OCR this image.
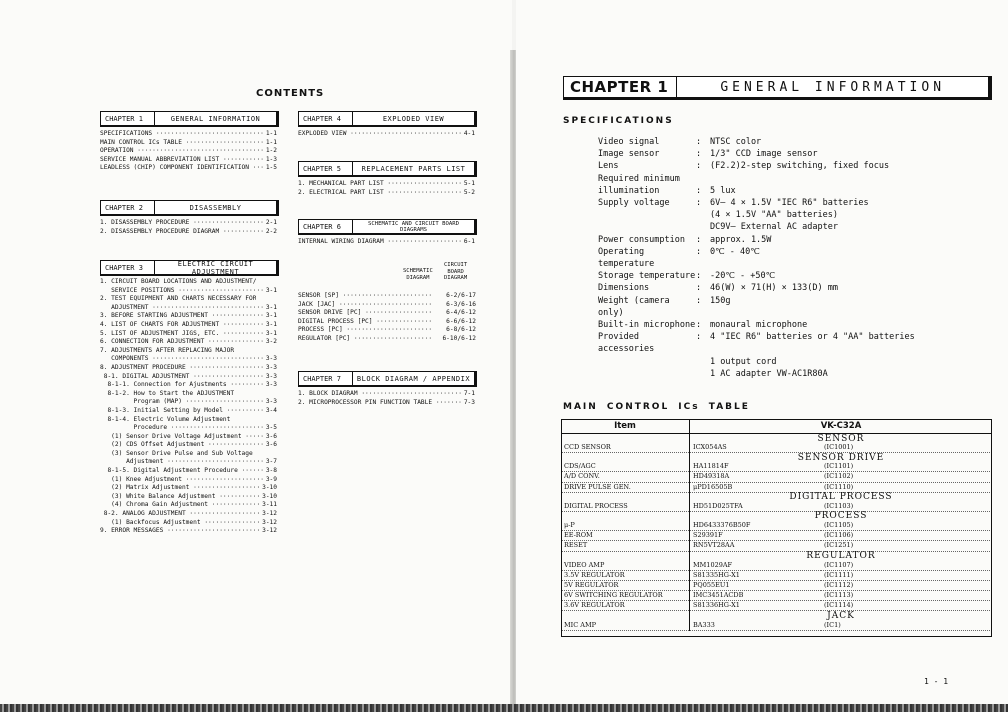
CONTENTS
CHAPTER 1	GENERAL INFORMATION
CHAPTER 2	DISASSEMBLY
CHAPTER 3	ELECTRIC CIRCUIT ADJUSTMENT
CHAPTER 4	EXPLODED VIEW
CHAPTER 5	REPLACEMENT PARTS LIST
CHAPTER 6	SCHEMATIC AND CIRCUIT BOARD DIAGRAMS
CHAPTER 7	BLOCK DIAGRAM / APPENDIX
SPECIFICATIONS ·····	1-1
MAIN CONTROL ICs TABLE ·····	1-1
OPERATION ·····	1-2
SERVICE MANUAL ABBREVIATION LIST ·····	1-3
LEADLESS (CHIP) COMPONENT IDENTIFICATION ·····	1-5
1. DISASSEMBLY PROCEDURE ·····	2-1
2. DISASSEMBLY PROCEDURE DIAGRAM ·····	2-2
1. CIRCUIT BOARD LOCATIONS AND ADJUSTMENT/
SERVICE POSITIONS ·····	3-1
2. TEST EQUIPMENT AND CHARTS NECESSARY FOR
ADJUSTMENT ·····	3-1
3. BEFORE STARTING ADJUSTMENT ·····	3-1
4. LIST OF CHARTS FOR ADJUSTMENT ·····	3-1
5. LIST OF ADJUSTMENT JIGS, ETC. ·····	3-1
6. CONNECTION FOR ADJUSTMENT ·····	3-2
7. ADJUSTMENTS AFTER REPLACING MAJOR
COMPONENTS ·····	3-3
8. ADJUSTMENT PROCEDURE ·····	3-3
8-1. DIGITAL ADJUSTMENT ·····	3-3
8-1-1. Connection for Ajustments ·····	3-3
8-1-2. How to Start the ADJUSTMENT
Program (MAP) ·····	3-3
8-1-3. Initial Setting by Model ·····	3-4
8-1-4. Electric Volume Adjustment
Procedure ·····	3-5
(1) Sensor Drive Voltage Adjustment ·····	3-6
(2) CDS Offset Adjustment ·····	3-6
(3) Sensor Drive Pulse and Sub Voltage
Adjustment ·····	3-7
8-1-5. Digital Adjustment Procedure ·····	3-8
(1) Knee Adjustment ·····	3-9
(2) Matrix Adjustment ·····	3-10
(3) White Balance Adjustment ·····	3-10
(4) Chroma Gain Adjustment ·····	3-11
8-2. ANALOG ADJUSTMENT ·····	3-12
(1) Backfocus Adjustment ·····	3-12
9. ERROR MESSAGES ·····	3-12
EXPLODED VIEW ·····	4-1
1. MECHANICAL PART LIST ·····	5-1
2. ELECTRICAL PART LIST ·····	5-2
INTERNAL WIRING DIAGRAM ·····	6-1
1. BLOCK DIAGRAM ·····	7-1
2. MICROPROCESSOR PIN FUNCTION TABLE ·····	7-3
SCHEMATIC
DIAGRAM
CIRCUIT
BOARD
DIAGRAM
SENSOR [SP] ·····	6-2 / 6-17
JACK [JAC] ·····	6-3 / 6-16
SENSOR DRIVE [PC] ·····	6-4 / 6-12
DIGITAL PROCESS [PC] ·····	6-6 / 6-12
PROCESS [PC] ·····	6-8 / 6-12
REGULATOR [PC] ·····	6-10 / 6-12
CHAPTER 1	GENERAL INFORMATION
SPECIFICATIONS
Video signal	:	NTSC color
Image sensor	:	1/3" CCD image sensor
Lens	:	(F2.2)2-step switching, fixed focus
Required minimum
illumination	:	5 lux
Supply voltage	:	6V— 4 × 1.5V "IEC R6" batteries
(4 × 1.5V "AA" batteries)
DC9V— External AC adapter
Power consumption	:	approx. 1.5W
Operating temperature
:	0℃ - 40℃
Storage temperature :	-20℃ - +50℃
Dimensions	:	46(W) × 71(H) × 133(D) mm
Weight (camera only)
:	150g
Built-in microphone :	monaural microphone
Provided accessories
:	4 "IEC R6" batteries or 4 "AA" batteries
1 output cord
1 AC adapter VW-AC1R80A
MAIN CONTROL ICs TABLE
Item	VK-C32A	
	SENSOR	
CCD SENSOR	ICX054AS	(IC1001)
	SENSOR DRIVE	
CDS/AGC	HA11814F	(IC1101)
A/D CONV.	HD49318A	(IC1102)
DRIVE PULSE GEN.	μPD16505B	(IC1110)
	DIGITAL PROCESS	
DIGITAL PROCESS	HD51D025TFA	(IC1103)
	PROCESS	
μ-P	HD6433376B50F	(IC1105)
EE-ROM	S29391F	(IC1106)
RESET	RN5VT28AA	(IC1251)
	REGULATOR	
VIDEO AMP	MM1029AF	(IC1107)
3.5V REGULATOR	S81335HG-X1	(IC1111)
5V REGULATOR	PQ055EU1	(IC1112)
6V SWITCHING REGULATOR	IMC3451ACDB	(IC1113)
3.6V REGULATOR	S81336HG-X1	(IC1114)
	JACK	
MIC AMP	BA333	(IC1)
1 - 1
